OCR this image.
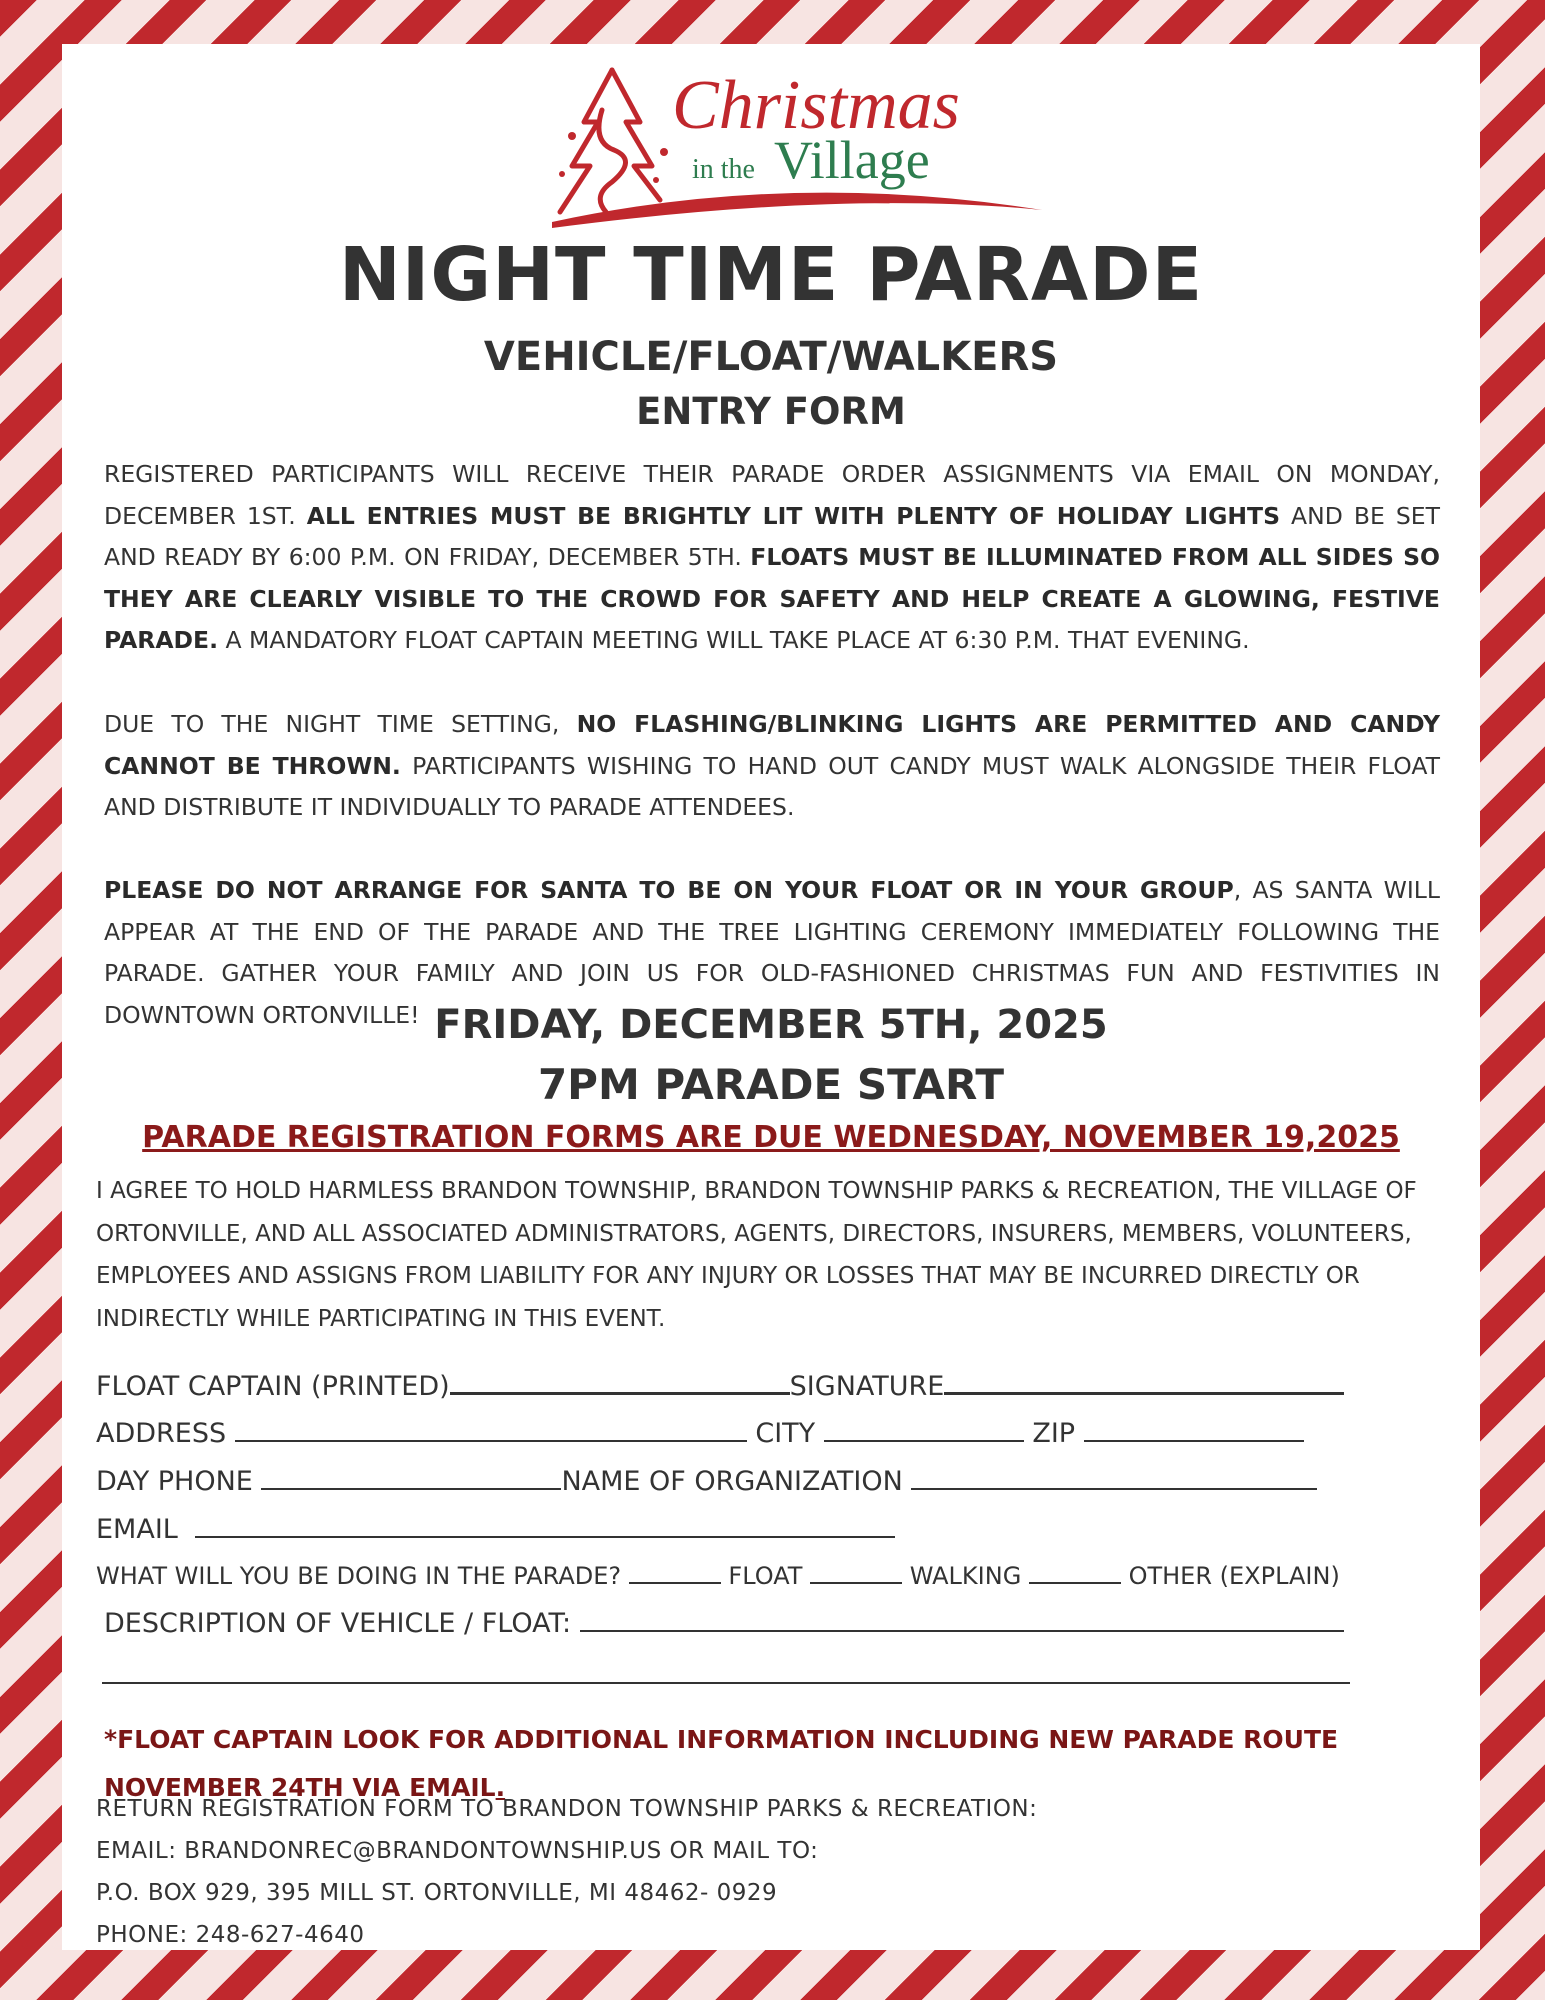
Christmas
in the Village
NIGHT TIME PARADE
VEHICLE/FLOAT/WALKERS
ENTRY FORM
REGISTERED PARTICIPANTS WILL RECEIVE THEIR PARADE ORDER ASSIGNMENTS VIA EMAIL ON MONDAY, DECEMBER 1ST. ALL ENTRIES MUST BE BRIGHTLY LIT WITH PLENTY OF HOLIDAY LIGHTS AND BE SET AND READY BY 6:00 P.M. ON FRIDAY, DECEMBER 5TH. FLOATS MUST BE ILLUMINATED FROM ALL SIDES SO THEY ARE CLEARLY VISIBLE TO THE CROWD FOR SAFETY AND HELP CREATE A GLOWING, FESTIVE PARADE. A MANDATORY FLOAT CAPTAIN MEETING WILL TAKE PLACE AT 6:30 P.M. THAT EVENING.
DUE TO THE NIGHT TIME SETTING, NO FLASHING/BLINKING LIGHTS ARE PERMITTED AND CANDY CANNOT BE THROWN. PARTICIPANTS WISHING TO HAND OUT CANDY MUST WALK ALONGSIDE THEIR FLOAT AND DISTRIBUTE IT INDIVIDUALLY TO PARADE ATTENDEES.
PLEASE DO NOT ARRANGE FOR SANTA TO BE ON YOUR FLOAT OR IN YOUR GROUP, AS SANTA WILL APPEAR AT THE END OF THE PARADE AND THE TREE LIGHTING CEREMONY IMMEDIATELY FOLLOWING THE PARADE. GATHER YOUR FAMILY AND JOIN US FOR OLD-FASHIONED CHRISTMAS FUN AND FESTIVITIES IN DOWNTOWN ORTONVILLE! FRIDAY, DECEMBER 5TH, 2025
7PM PARADE START
PARADE REGISTRATION FORMS ARE DUE WEDNESDAY, NOVEMBER 19,2025
I AGREE TO HOLD HARMLESS BRANDON TOWNSHIP, BRANDON TOWNSHIP PARKS & RECREATION, THE VILLAGE OF ORTONVILLE, AND ALL ASSOCIATED ADMINISTRATORS, AGENTS, DIRECTORS, INSURERS, MEMBERS, VOLUNTEERS, EMPLOYEES AND ASSIGNS FROM LIABILITY FOR ANY INJURY OR LOSSES THAT MAY BE INCURRED DIRECTLY OR INDIRECTLY WHILE PARTICIPATING IN THIS EVENT.
FLOAT CAPTAIN (PRINTED)	SIGNATURE
ADDRESS	CITY	ZIP
DAY PHONE	NAME OF ORGANIZATION
EMAIL
WHAT WILL YOU BE DOING IN THE PARADE?	FLOAT	WALKING	OTHER (EXPLAIN)
DESCRIPTION OF VEHICLE / FLOAT:
*FLOAT CAPTAIN LOOK FOR ADDITIONAL INFORMATION INCLUDING NEW PARADE ROUTE
NOVEMBER 24TH VIA EMAIL.
RETURN REGISTRATION FORM TO BRANDON TOWNSHIP PARKS & RECREATION:
EMAIL: BRANDONREC@BRANDONTOWNSHIP.US OR MAIL TO:
P.O. BOX 929, 395 MILL ST. ORTONVILLE, MI 48462- 0929
PHONE: 248-627-4640
